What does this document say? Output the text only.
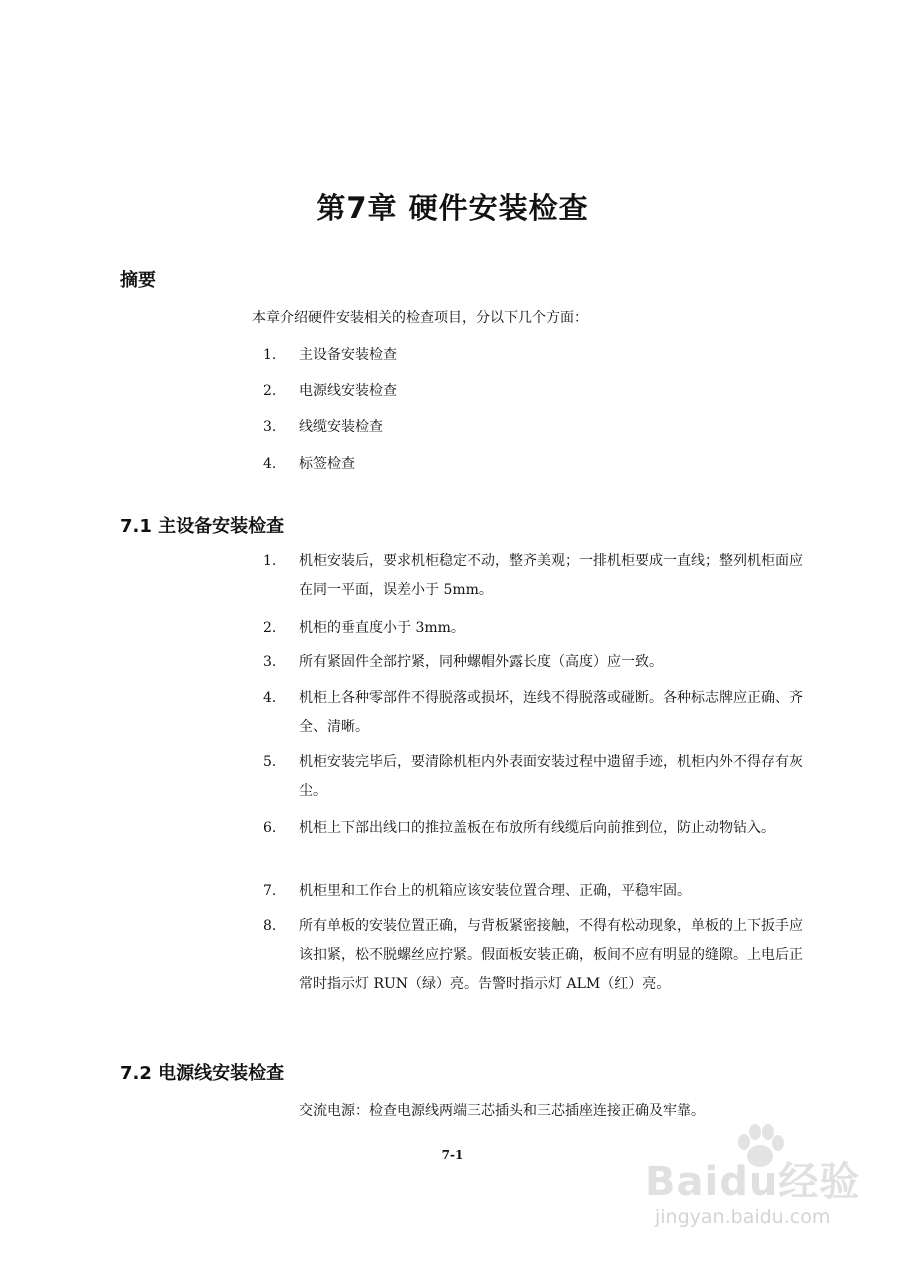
第7章 硬件安装检查
摘要
本章介绍硬件安装相关的检查项目，分以下几个方面：
1. 主设备安装检查
2. 电源线安装检查
3. 线缆安装检查
4. 标签检查
7.1 主设备安装检查
1. 机柜安装后，要求机柜稳定不动，整齐美观；一排机柜要成一直线；整列机柜面应在同一平面，误差小于 5mm。
2. 机柜的垂直度小于 3mm。
3. 所有紧固件全部拧紧，同种螺帽外露长度（高度）应一致。
4. 机柜上各种零部件不得脱落或损坏，连线不得脱落或碰断。各种标志牌应正确、齐全、清晰。
5. 机柜安装完毕后，要清除机柜内外表面安装过程中遗留手迹，机柜内外不得存有灰尘。
6. 机柜上下部出线口的推拉盖板在布放所有线缆后向前推到位，防止动物钻入。
7. 机柜里和工作台上的机箱应该安装位置合理、正确，平稳牢固。
8. 所有单板的安装位置正确，与背板紧密接触，不得有松动现象，单板的上下扳手应该扣紧，松不脱螺丝应拧紧。假面板安装正确，板间不应有明显的缝隙。上电后正常时指示灯 RUN（绿）亮。告警时指示灯 ALM（红）亮。
7.2 电源线安装检查
交流电源：检查电源线两端三芯插头和三芯插座连接正确及牢靠。
7-1
Baidu经验
jingyan.baidu.com
